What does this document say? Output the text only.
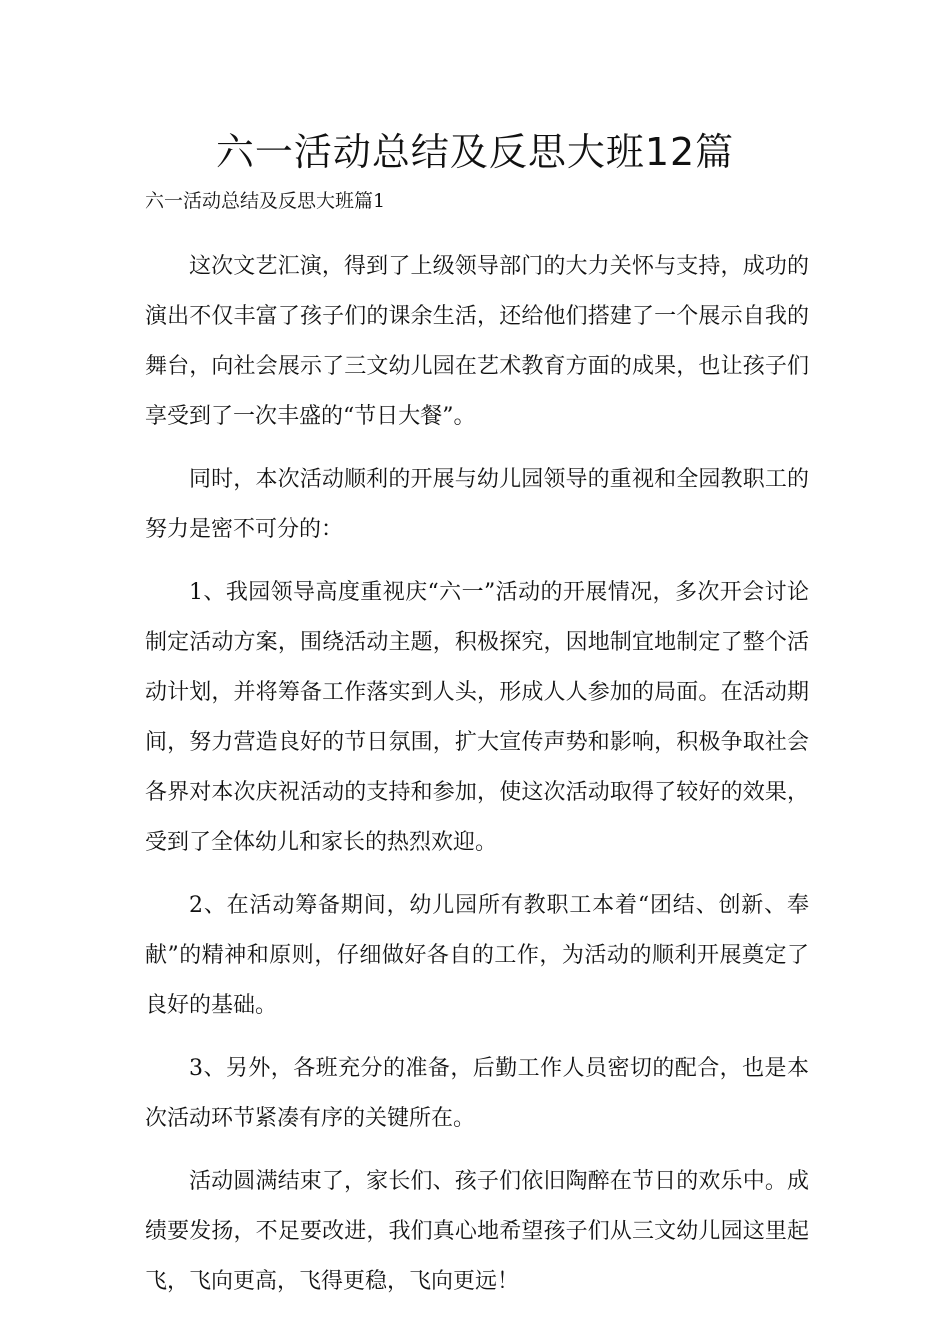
六一活动总结及反思大班12篇
六一活动总结及反思大班篇1

这次文艺汇演，得到了上级领导部门的大力关怀与支持，成功的演出不仅丰富了孩子们的课余生活，还给他们搭建了一个展示自我的舞台，向社会展示了三文幼儿园在艺术教育方面的成果，也让孩子们享受到了一次丰盛的“节日大餐”。

同时，本次活动顺利的开展与幼儿园领导的重视和全园教职工的努力是密不可分的：

1、我园领导高度重视庆“六一”活动的开展情况，多次开会讨论制定活动方案，围绕活动主题，积极探究，因地制宜地制定了整个活动计划，并将筹备工作落实到人头，形成人人参加的局面。在活动期间，努力营造良好的节日氛围，扩大宣传声势和影响，积极争取社会各界对本次庆祝活动的支持和参加，使这次活动取得了较好的效果，受到了全体幼儿和家长的热烈欢迎。

2、在活动筹备期间，幼儿园所有教职工本着“团结、创新、奉献”的精神和原则，仔细做好各自的工作，为活动的顺利开展奠定了良好的基础。

3、另外，各班充分的准备，后勤工作人员密切的配合，也是本次活动环节紧凑有序的关键所在。

活动圆满结束了，家长们、孩子们依旧陶醉在节日的欢乐中。成绩要发扬，不足要改进，我们真心地希望孩子们从三文幼儿园这里起飞，飞向更高，飞得更稳，飞向更远！
